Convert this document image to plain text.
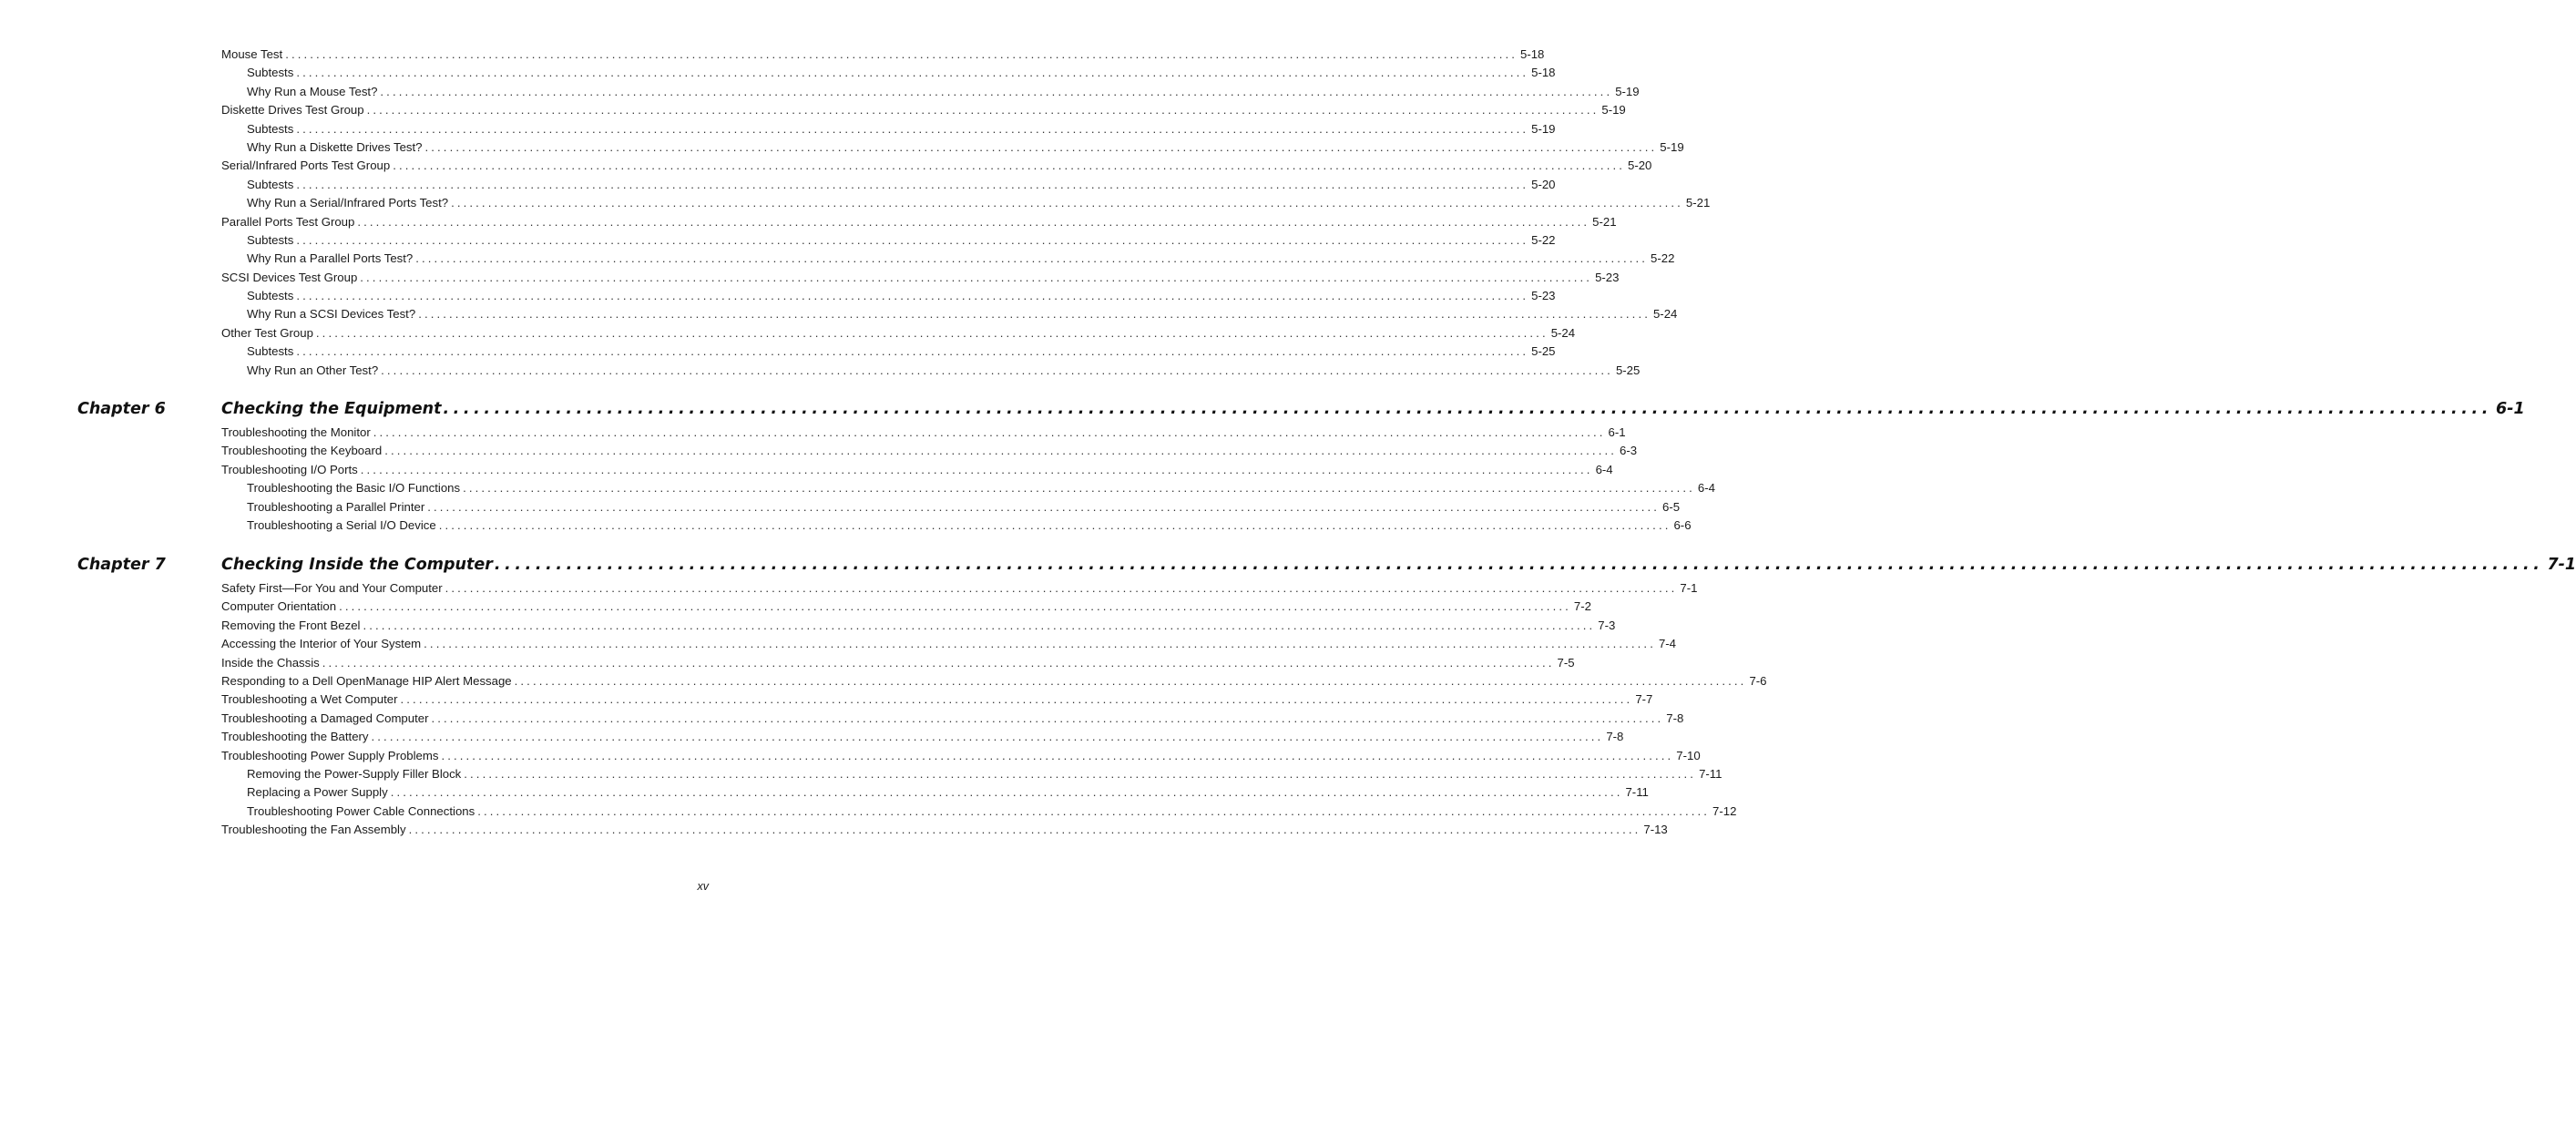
Mouse Test ........................................................................................................................................................................................................ 5-18
Subtests ........................................................................................................................................................................................................ 5-18
Why Run a Mouse Test? ........................................................................................................................................................................................................ 5-19
Diskette Drives Test Group ........................................................................................................................................................................................................ 5-19
Subtests ........................................................................................................................................................................................................ 5-19
Why Run a Diskette Drives Test? ........................................................................................................................................................................................................ 5-19
Serial/Infrared Ports Test Group ........................................................................................................................................................................................................ 5-20
Subtests ........................................................................................................................................................................................................ 5-20
Why Run a Serial/Infrared Ports Test? ........................................................................................................................................................................................................ 5-21
Parallel Ports Test Group ........................................................................................................................................................................................................ 5-21
Subtests ........................................................................................................................................................................................................ 5-22
Why Run a Parallel Ports Test? ........................................................................................................................................................................................................ 5-22
SCSI Devices Test Group ........................................................................................................................................................................................................ 5-23
Subtests ........................................................................................................................................................................................................ 5-23
Why Run a SCSI Devices Test? ........................................................................................................................................................................................................ 5-24
Other Test Group ........................................................................................................................................................................................................ 5-24
Subtests ........................................................................................................................................................................................................ 5-25
Why Run an Other Test? ........................................................................................................................................................................................................ 5-25
Chapter 6	Checking the Equipment ........................................................................................................................................................................................................ 6-1
Troubleshooting the Monitor ........................................................................................................................................................................................................ 6-1
Troubleshooting the Keyboard ........................................................................................................................................................................................................ 6-3
Troubleshooting I/O Ports ........................................................................................................................................................................................................ 6-4
Troubleshooting the Basic I/O Functions ........................................................................................................................................................................................................ 6-4
Troubleshooting a Parallel Printer ........................................................................................................................................................................................................ 6-5
Troubleshooting a Serial I/O Device ........................................................................................................................................................................................................ 6-6
Chapter 7	Checking Inside the Computer ........................................................................................................................................................................................................ 7-1
Safety First—For You and Your Computer ........................................................................................................................................................................................................ 7-1
Computer Orientation ........................................................................................................................................................................................................ 7-2
Removing the Front Bezel ........................................................................................................................................................................................................ 7-3
Accessing the Interior of Your System ........................................................................................................................................................................................................ 7-4
Inside the Chassis ........................................................................................................................................................................................................ 7-5
Responding to a Dell OpenManage HIP Alert Message ........................................................................................................................................................................................................ 7-6
Troubleshooting a Wet Computer ........................................................................................................................................................................................................ 7-7
Troubleshooting a Damaged Computer ........................................................................................................................................................................................................ 7-8
Troubleshooting the Battery ........................................................................................................................................................................................................ 7-8
Troubleshooting Power Supply Problems ........................................................................................................................................................................................................ 7-10
Removing the Power-Supply Filler Block ........................................................................................................................................................................................................ 7-11
Replacing a Power Supply ........................................................................................................................................................................................................ 7-11
Troubleshooting Power Cable Connections ........................................................................................................................................................................................................ 7-12
Troubleshooting the Fan Assembly ........................................................................................................................................................................................................ 7-13
xv
